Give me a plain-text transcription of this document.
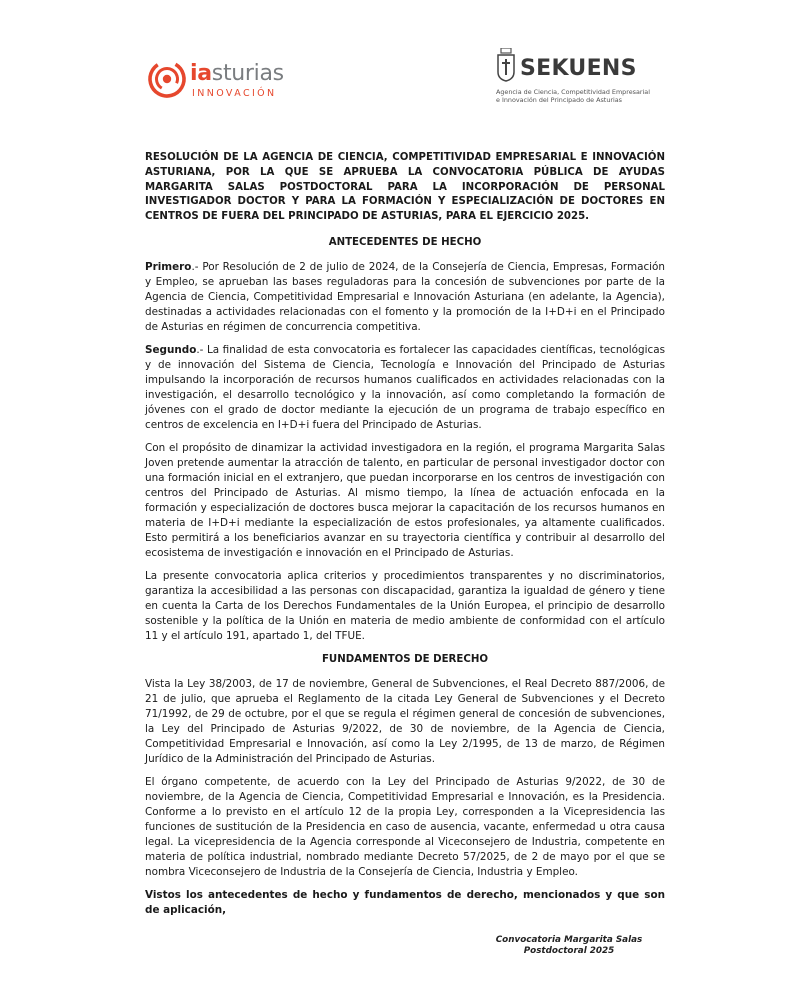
iasturias
INNOVACIÓN
SEKUENS
Agencia de Ciencia, Competitividad Empresarial
e Innovación del Principado de Asturias
RESOLUCIÓN DE LA AGENCIA DE CIENCIA, COMPETITIVIDAD EMPRESARIAL E INNOVACIÓN ASTURIANA, POR LA QUE SE APRUEBA LA CONVOCATORIA PÚBLICA DE AYUDAS MARGARITA SALAS POSTDOCTORAL PARA LA INCORPORACIÓN DE PERSONAL INVESTIGADOR DOCTOR Y PARA LA FORMACIÓN Y ESPECIALIZACIÓN DE DOCTORES EN CENTROS DE FUERA DEL PRINCIPADO DE ASTURIAS, PARA EL EJERCICIO 2025.
ANTECEDENTES DE HECHO

Primero.- Por Resolución de 2 de julio de 2024, de la Consejería de Ciencia, Empresas, Formación y Empleo, se aprueban las bases reguladoras para la concesión de subvenciones por parte de la Agencia de Ciencia, Competitividad Empresarial e Innovación Asturiana (en adelante, la Agencia), destinadas a actividades relacionadas con el fomento y la promoción de la I+D+i en el Principado de Asturias en régimen de concurrencia competitiva.

Segundo.- La finalidad de esta convocatoria es fortalecer las capacidades científicas, tecnológicas y de innovación del Sistema de Ciencia, Tecnología e Innovación del Principado de Asturias impulsando la incorporación de recursos humanos cualificados en actividades relacionadas con la investigación, el desarrollo tecnológico y la innovación, así como completando la formación de jóvenes con el grado de doctor mediante la ejecución de un programa de trabajo específico en centros de excelencia en I+D+i fuera del Principado de Asturias.

Con el propósito de dinamizar la actividad investigadora en la región, el programa Margarita Salas Joven pretende aumentar la atracción de talento, en particular de personal investigador doctor con una formación inicial en el extranjero, que puedan incorporarse en los centros de investigación con centros del Principado de Asturias. Al mismo tiempo, la línea de actuación enfocada en la formación y especialización de doctores busca mejorar la capacitación de los recursos humanos en materia de I+D+i mediante la especialización de estos profesionales, ya altamente cualificados. Esto permitirá a los beneficiarios avanzar en su trayectoria científica y contribuir al desarrollo del ecosistema de investigación e innovación en el Principado de Asturias.

La presente convocatoria aplica criterios y procedimientos transparentes y no discriminatorios, garantiza la accesibilidad a las personas con discapacidad, garantiza la igualdad de género y tiene en cuenta la Carta de los Derechos Fundamentales de la Unión Europea, el principio de desarrollo sostenible y la política de la Unión en materia de medio ambiente de conformidad con el artículo 11 y el artículo 191, apartado 1, del TFUE.

FUNDAMENTOS DE DERECHO

Vista la Ley 38/2003, de 17 de noviembre, General de Subvenciones, el Real Decreto 887/2006, de 21 de julio, que aprueba el Reglamento de la citada Ley General de Subvenciones y el Decreto 71/1992, de 29 de octubre, por el que se regula el régimen general de concesión de subvenciones, la Ley del Principado de Asturias 9/2022, de 30 de noviembre, de la Agencia de Ciencia, Competitividad Empresarial e Innovación, así como la Ley 2/1995, de 13 de marzo, de Régimen Jurídico de la Administración del Principado de Asturias.

El órgano competente, de acuerdo con la Ley del Principado de Asturias 9/2022, de 30 de noviembre, de la Agencia de Ciencia, Competitividad Empresarial e Innovación, es la Presidencia. Conforme a lo previsto en el artículo 12 de la propia Ley, corresponden a la Vicepresidencia las funciones de sustitución de la Presidencia en caso de ausencia, vacante, enfermedad u otra causa legal. La vicepresidencia de la Agencia corresponde al Viceconsejero de Industria, competente en materia de política industrial, nombrado mediante Decreto 57/2025, de 2 de mayo por el que se nombra Viceconsejero de Industria de la Consejería de Ciencia, Industria y Empleo.

Vistos los antecedentes de hecho y fundamentos de derecho, mencionados y que son de aplicación,

Convocatoria Margarita Salas
Postdoctoral 2025
